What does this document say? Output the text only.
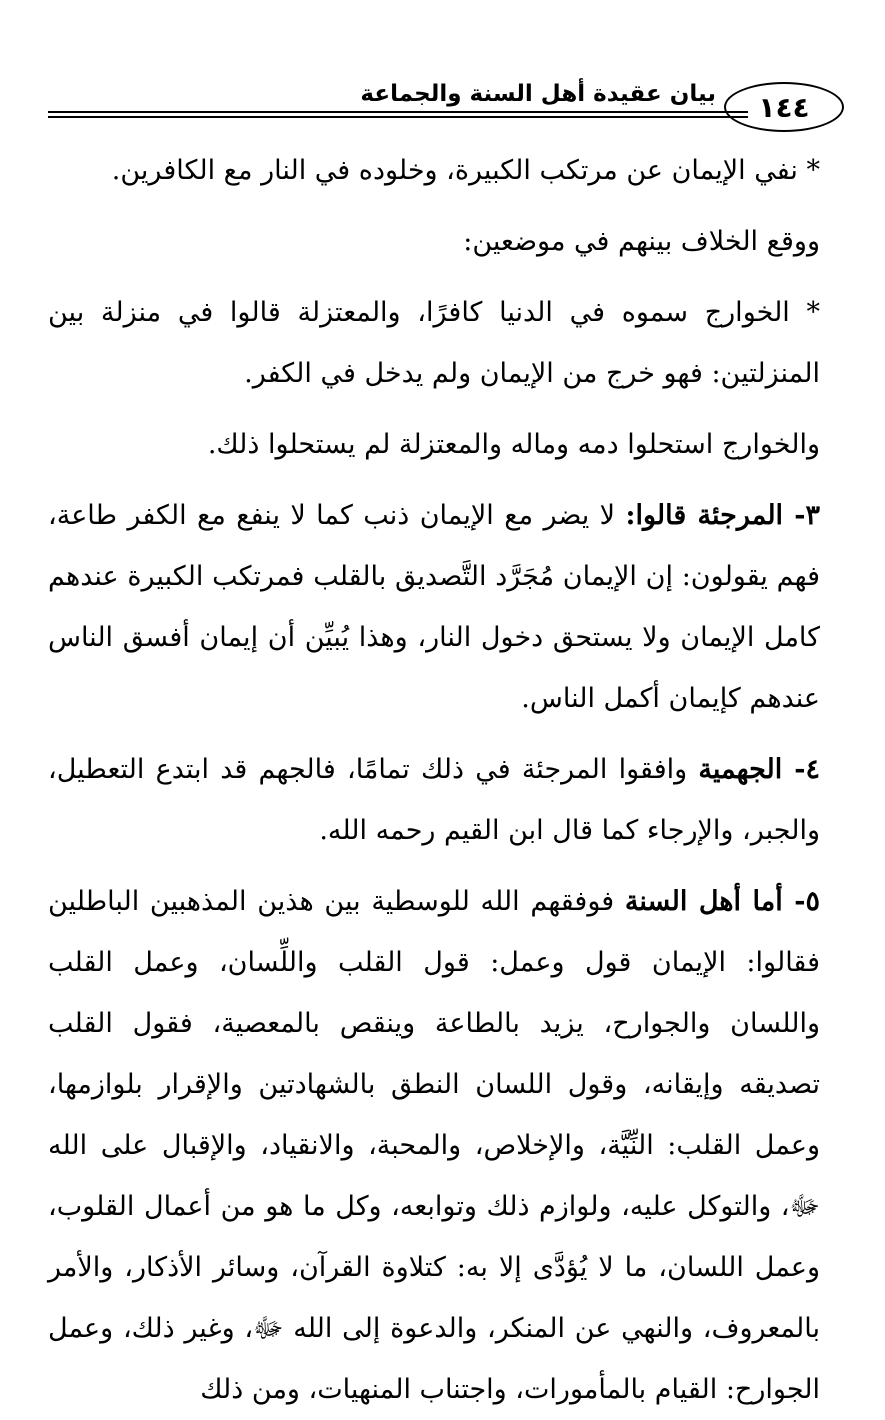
بيان عقيدة أهل السنة والجماعة ١٤٤

* نفي الإيمان عن مرتكب الكبيرة، وخلوده في النار مع الكافرين.

ووقع الخلاف بينهم في موضعين:

* الخوارج سموه في الدنيا كافرًا، والمعتزلة قالوا في منزلة بين المنزلتين: فهو خرج من الإيمان ولم يدخل في الكفر.

والخوارج استحلوا دمه وماله والمعتزلة لم يستحلوا ذلك.

٣- المرجئة قالوا: لا يضر مع الإيمان ذنب كما لا ينفع مع الكفر طاعة، فهم يقولون: إن الإيمان مُجَرَّد التَّصديق بالقلب فمرتكب الكبيرة عندهم كامل الإيمان ولا يستحق دخول النار، وهذا يُبيِّن أن إيمان أفسق الناس عندهم كإيمان أكمل الناس.

٤- الجهمية وافقوا المرجئة في ذلك تمامًا، فالجهم قد ابتدع التعطيل، والجبر، والإرجاء كما قال ابن القيم رحمه الله.

٥- أما أهل السنة فوفقهم الله للوسطية بين هذين المذهبين الباطلين فقالوا: الإيمان قول وعمل: قول القلب واللِّسان، وعمل القلب واللسان والجوارح، يزيد بالطاعة وينقص بالمعصية، فقول القلب تصديقه وإيقانه، وقول اللسان النطق بالشهادتين والإقرار بلوازمها، وعمل القلب: النِّيَّة، والإخلاص، والمحبة، والانقياد، والإقبال على الله ﷻ، والتوكل عليه، ولوازم ذلك وتوابعه، وكل ما هو من أعمال القلوب، وعمل اللسان، ما لا يُؤدَّى إلا به: كتلاوة القرآن، وسائر الأذكار، والأمر بالمعروف، والنهي عن المنكر، والدعوة إلى الله ﷻ، وغير ذلك، وعمل الجوارح: القيام بالمأمورات، واجتناب المنهيات، ومن ذلك
